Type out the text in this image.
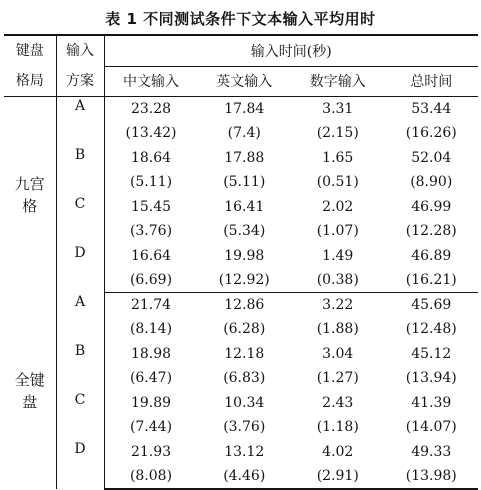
表 1 不同测试条件下文本输入平均用时
键盘	输入	输入时间(秒)			
格局	方案	中文输入	英文输入	数字输入	总时间
九宫
格	A	23.28	17.84	3.31	53.44
		(13.42)	(7.4)	(2.15)	(16.26)
	B	18.64	17.88	1.65	52.04
		(5.11)	(5.11)	(0.51)	(8.90)
	C	15.45	16.41	2.02	46.99
		(3.76)	(5.34)	(1.07)	(12.28)
	D	16.64	19.98	1.49	46.89
		(6.69)	(12.92)	(0.38)	(16.21)
全键
盘	A	21.74	12.86	3.22	45.69
		(8.14)	(6.28)	(1.88)	(12.48)
	B	18.98	12.18	3.04	45.12
		(6.47)	(6.83)	(1.27)	(13.94)
	C	19.89	10.34	2.43	41.39
		(7.44)	(3.76)	(1.18)	(14.07)
	D	21.93	13.12	4.02	49.33
		(8.08)	(4.46)	(2.91)	(13.98)
